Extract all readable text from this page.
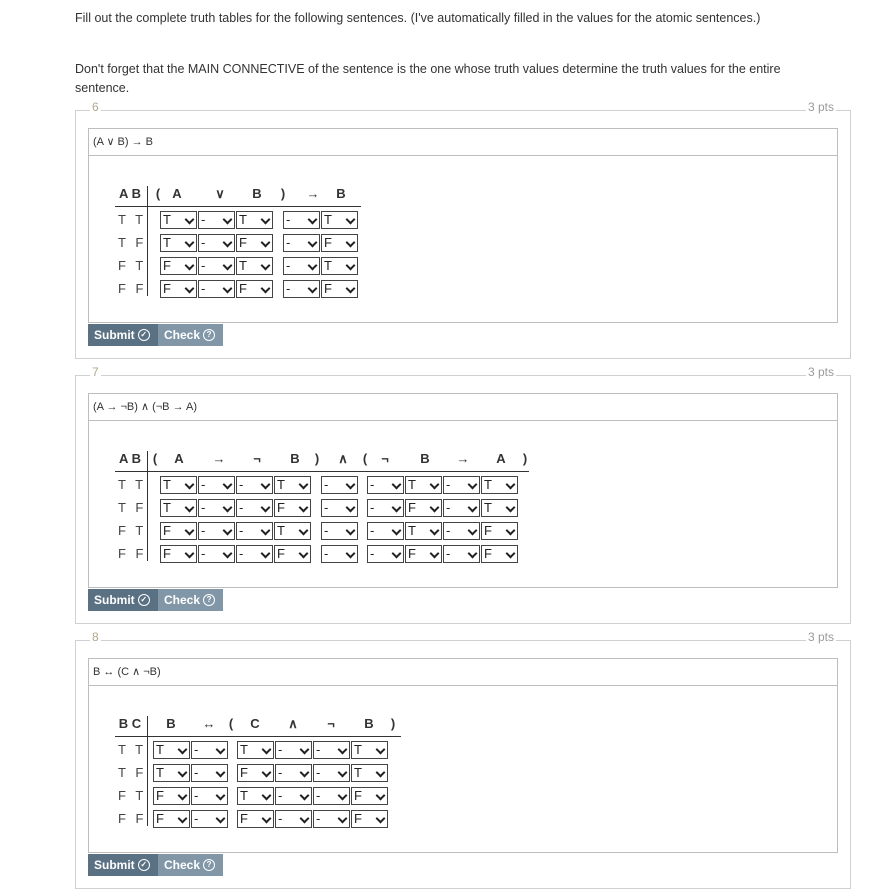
Fill out the complete truth tables for the following sentences. (I've automatically filled in the values for the atomic sentences.)
Don't forget that the MAIN CONNECTIVE of the sentence is the one whose truth values determine the truth values for the entire sentence.
6	3 pts
(A ∨ B) → B
A B ( A	∨ B ) → B
T T T -	T	-	T
T F T -	F	-	F
F T F -	T	-	T
F F F -	F	-	F
Submit ✓	Check ?
7	3 pts
(A → ¬B) ∧ (¬B → A)
A B ( A → ¬ B ) ∧ ( ¬ B → A )
T T T -	-	T	-	-	T -	T
T F T -	-	F	-	-	F -	T
F T F -	-	T	-	-	T -	F
F F F -	-	F	-	-	F -	F
Submit ✓	Check ?
8	3 pts
B ↔ (C ∧ ¬B)
B C B ↔ ( C ∧ ¬ B )
T T T -	T -	-	T
T F T -	F -	-	T
F T F -	T -	-	F
F F F -	F -	-	F
Submit ✓	Check ?
